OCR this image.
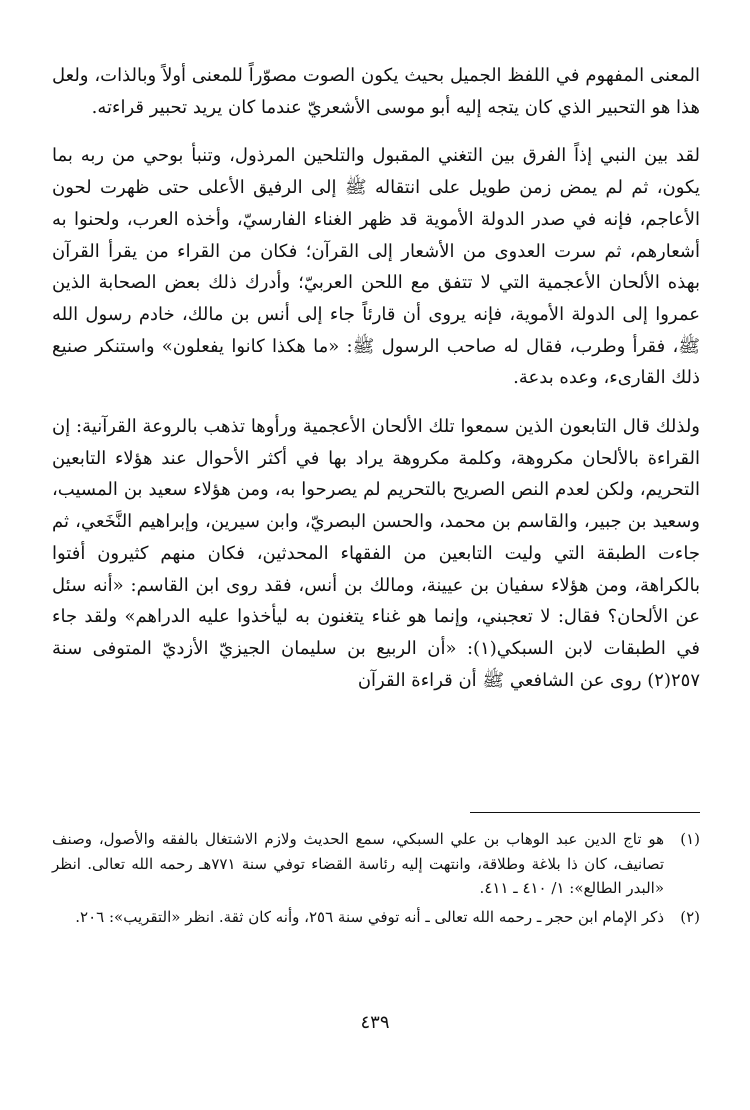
المعنى المفهوم في اللفظ الجميل بحيث يكون الصوت مصوّراً للمعنى أولاً وبالذات، ولعل هذا هو التحبير الذي كان يتجه إليه أبو موسى الأشعريّ عندما كان يريد تحبير قراءته.

لقد بين النبي إذاً الفرق بين التغني المقبول والتلحين المرذول، وتنبأ بوحي من ربه بما يكون، ثم لم يمض زمن طويل على انتقاله ﷺ إلى الرفيق الأعلى حتى ظهرت لحون الأعاجم، فإنه في صدر الدولة الأموية قد ظهر الغناء الفارسيّ، وأخذه العرب، ولحنوا به أشعارهم، ثم سرت العدوى من الأشعار إلى القرآن؛ فكان من القراء من يقرأ القرآن بهذه الألحان الأعجمية التي لا تتفق مع اللحن العربيّ؛ وأدرك ذلك بعض الصحابة الذين عمروا إلى الدولة الأموية، فإنه يروى أن قارئاً جاء إلى أنس بن مالك، خادم رسول الله ﷺ، فقرأ وطرب، فقال له صاحب الرسول ﷺ: «ما هكذا كانوا يفعلون» واستنكر صنيع ذلك القارىء، وعده بدعة.

ولذلك قال التابعون الذين سمعوا تلك الألحان الأعجمية ورأوها تذهب بالروعة القرآنية: إن القراءة بالألحان مكروهة، وكلمة مكروهة يراد بها في أكثر الأحوال عند هؤلاء التابعين التحريم، ولكن لعدم النص الصريح بالتحريم لم يصرحوا به، ومن هؤلاء سعيد بن المسيب، وسعيد بن جبير، والقاسم بن محمد، والحسن البصريّ، وابن سيرين، وإبراهيم النَّخَعي، ثم جاءت الطبقة التي وليت التابعين من الفقهاء المحدثين، فكان منهم كثيرون أفتوا بالكراهة، ومن هؤلاء سفيان بن عيينة، ومالك بن أنس، فقد روى ابن القاسم: «أنه سئل عن الألحان؟ فقال: لا تعجبني، وإنما هو غناء يتغنون به ليأخذوا عليه الدراهم» ولقد جاء في الطبقات لابن السبكي(١): «أن الربيع بن سليمان الجيزيّ الأزديّ المتوفى سنة ٢٥٧(٢) روى عن الشافعي ﷺ أن قراءة القرآن

(١)
هو تاج الدين عبد الوهاب بن علي السبكي، سمع الحديث ولازم الاشتغال بالفقه والأصول، وصنف تصانيف، كان ذا بلاغة وطلاقة، وانتهت إليه رئاسة القضاء توفي سنة ٧٧١هـ رحمه الله تعالى. انظر «البدر الطالع»: ١/ ٤١٠ ـ ٤١١.
(٢)
ذكر الإمام ابن حجر ـ رحمه الله تعالى ـ أنه توفي سنة ٢٥٦، وأنه كان ثقة. انظر «التقريب»: ٢٠٦.
٤٣٩
